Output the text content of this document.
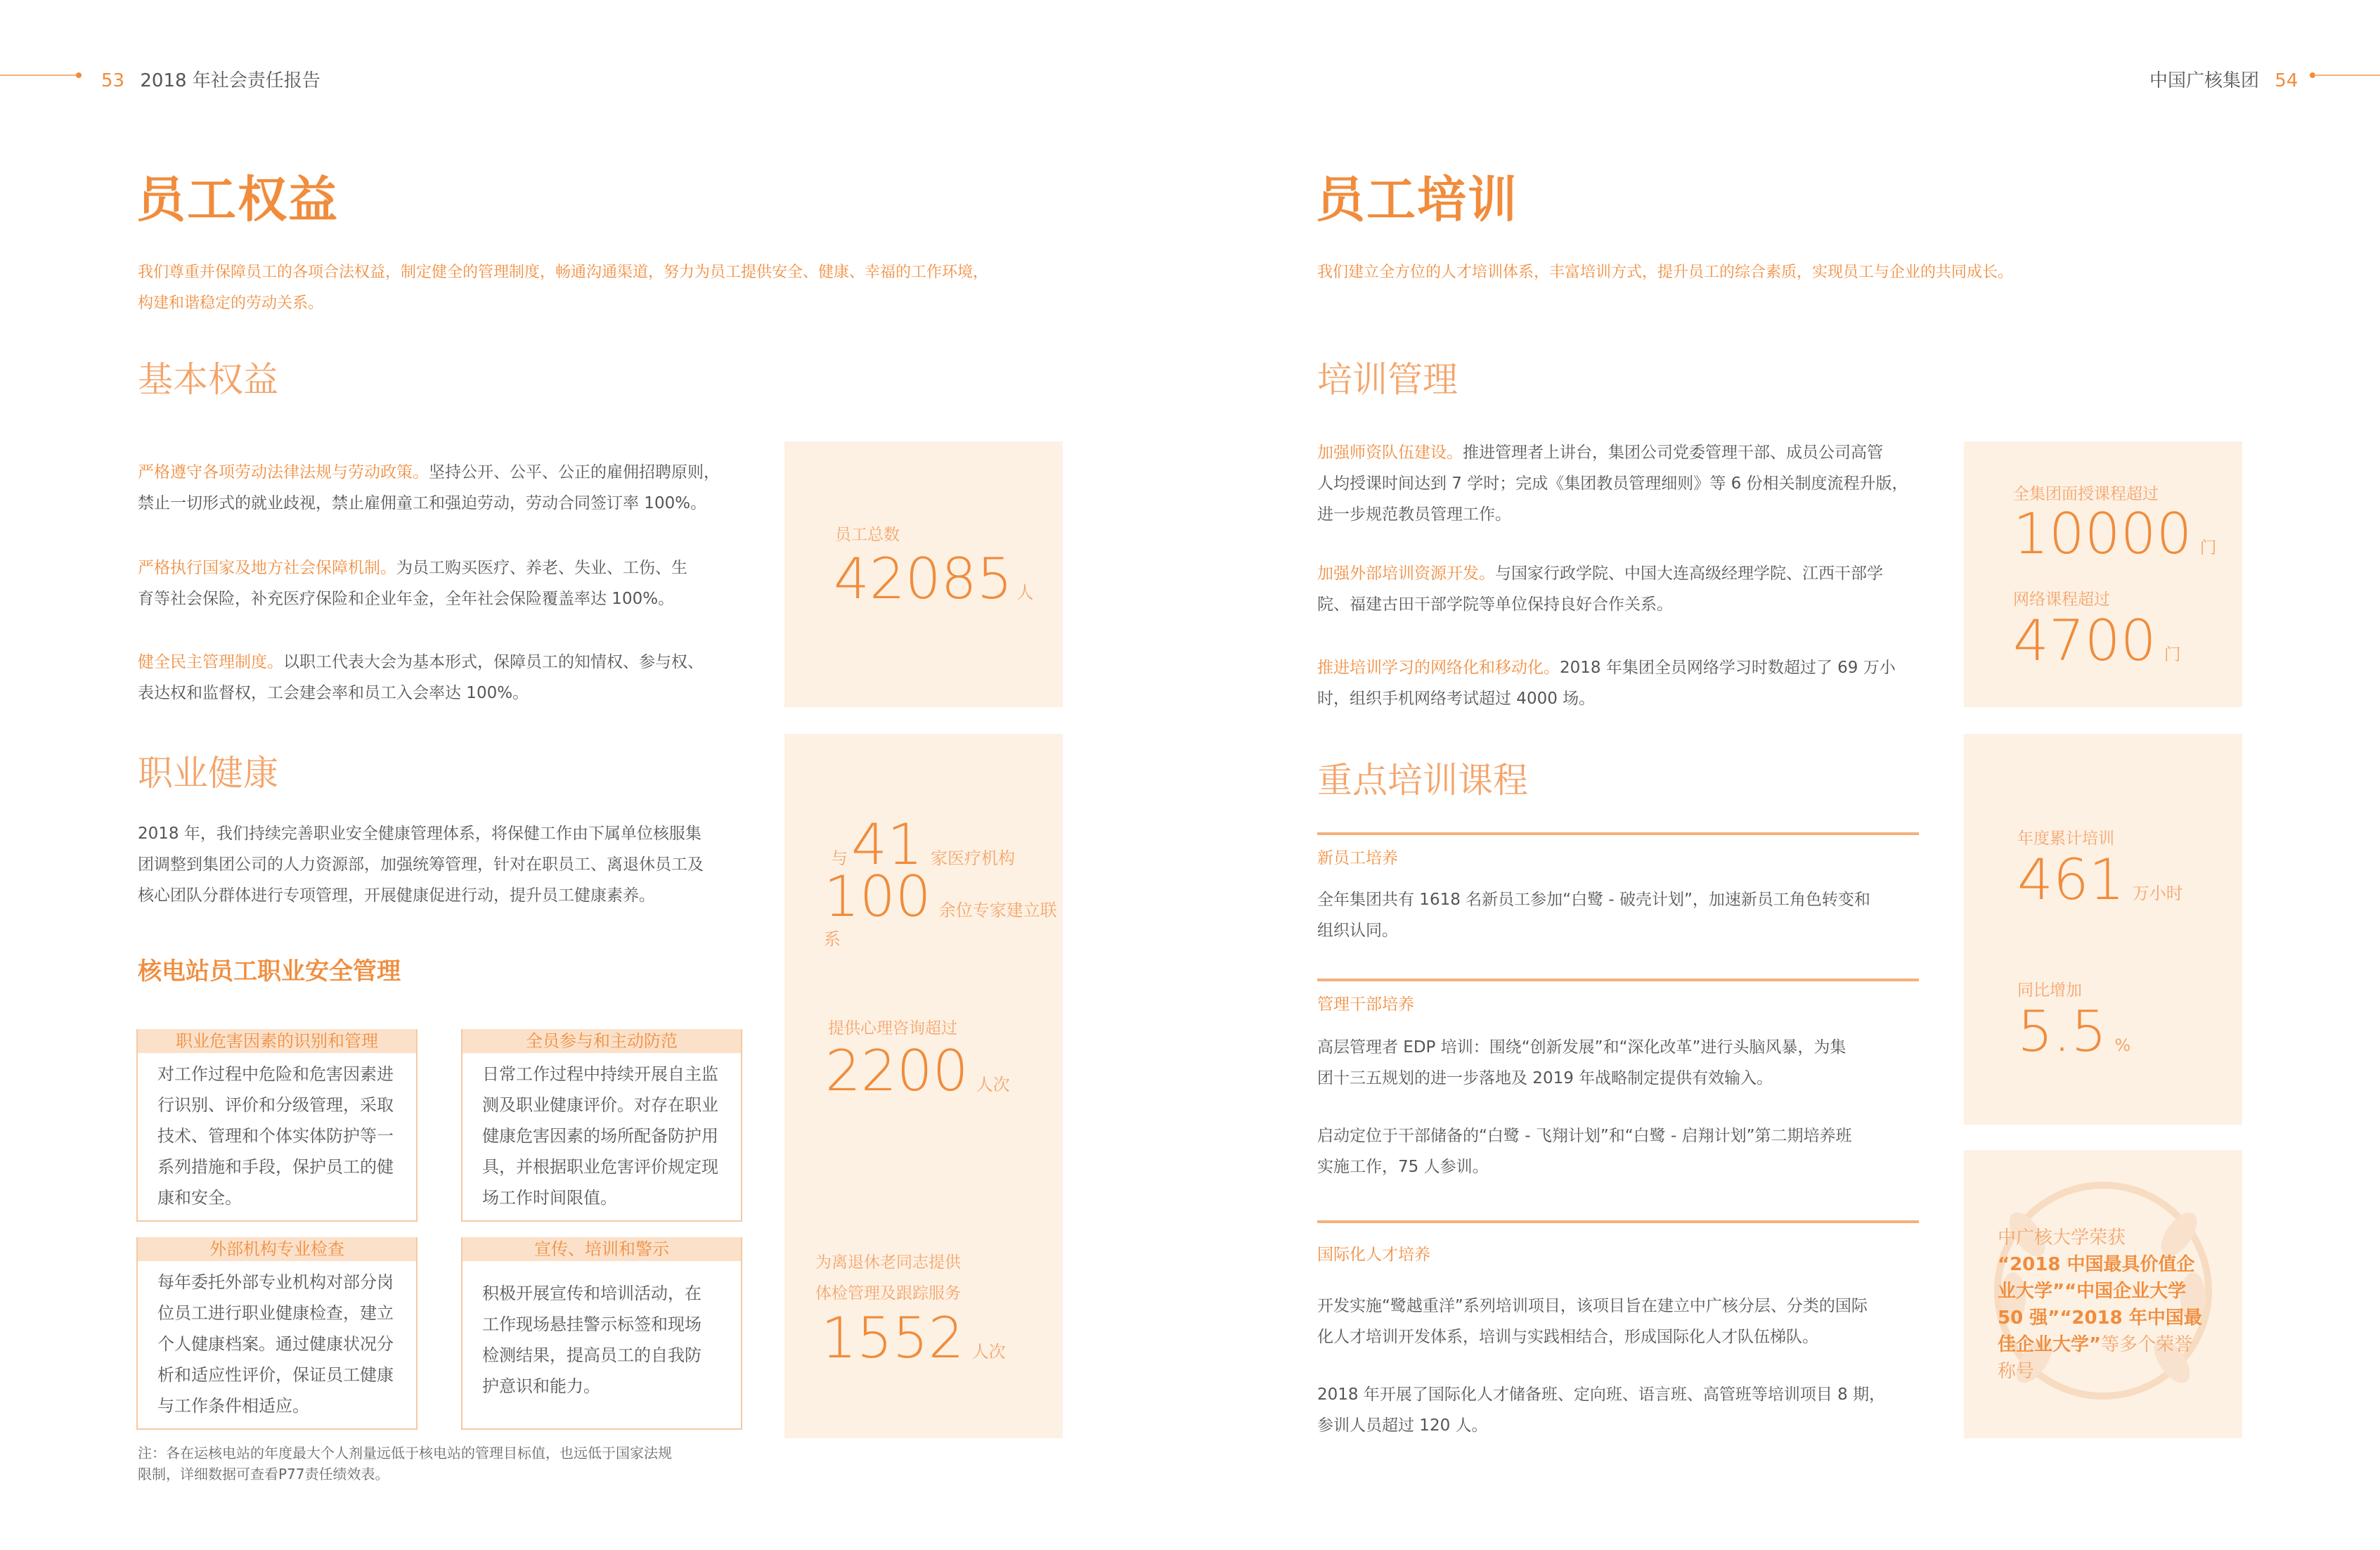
53 2018 年社会责任报告	中国广核集团 54
员工权益
我们尊重并保障员工的各项合法权益，制定健全的管理制度，畅通沟通渠道，努力为员工提供安全、健康、幸福的工作环境，
构建和谐稳定的劳动关系。
基本权益
严格遵守各项劳动法律法规与劳动政策。坚持公开、公平、公正的雇佣招聘原则，
禁止一切形式的就业歧视，禁止雇佣童工和强迫劳动，劳动合同签订率 100%。
严格执行国家及地方社会保障机制。为员工购买医疗、养老、失业、工伤、生
育等社会保险，补充医疗保险和企业年金，全年社会保险覆盖率达 100%。
健全民主管理制度。以职工代表大会为基本形式，保障员工的知情权、参与权、
表达权和监督权，工会建会率和员工入会率达 100%。
职业健康
2018 年，我们持续完善职业安全健康管理体系，将保健工作由下属单位核服集
团调整到集团公司的人力资源部，加强统筹管理，针对在职员工、离退休员工及
核心团队分群体进行专项管理，开展健康促进行动，提升员工健康素养。
核电站员工职业安全管理
职业危害因素的识别和管理
对工作过程中危险和危害因素进
行识别、评价和分级管理，采取
技术、管理和个体实体防护等一
系列措施和手段，保护员工的健
康和安全。
全员参与和主动防范
日常工作过程中持续开展自主监
测及职业健康评价。对存在职业
健康危害因素的场所配备防护用
具，并根据职业危害评价规定现
场工作时间限值。
外部机构专业检查
每年委托外部专业机构对部分岗
位员工进行职业健康检查，建立
个人健康档案。通过健康状况分
析和适应性评价，保证员工健康
与工作条件相适应。
宣传、培训和警示
积极开展宣传和培训活动，在
工作现场悬挂警示标签和现场
检测结果，提高员工的自我防
护意识和能力。
注：各在运核电站的年度最大个人剂量远低于核电站的管理目标值，也远低于国家法规
限制，详细数据可查看P77责任绩效表。
员工总数
42085 人
与 41 家医疗机构
100 余位专家建立联系
提供心理咨询超过
2200 人次
为离退休老同志提供
体检管理及跟踪服务
1552 人次
员工培训
我们建立全方位的人才培训体系，丰富培训方式，提升员工的综合素质，实现员工与企业的共同成长。
培训管理
加强师资队伍建设。推进管理者上讲台，集团公司党委管理干部、成员公司高管
人均授课时间达到 7 学时；完成《集团教员管理细则》等 6 份相关制度流程升版，
进一步规范教员管理工作。
加强外部培训资源开发。与国家行政学院、中国大连高级经理学院、江西干部学
院、福建古田干部学院等单位保持良好合作关系。
推进培训学习的网络化和移动化。2018 年集团全员网络学习时数超过了 69 万小
时，组织手机网络考试超过 4000 场。
重点培训课程
新员工培养
全年集团共有 1618 名新员工参加“白鹭 - 破壳计划”，加速新员工角色转变和
组织认同。
管理干部培养
高层管理者 EDP 培训：围绕“创新发展”和“深化改革”进行头脑风暴，为集
团十三五规划的进一步落地及 2019 年战略制定提供有效输入。
启动定位于干部储备的“白鹭 - 飞翔计划”和“白鹭 - 启翔计划”第二期培养班
实施工作，75 人参训。
国际化人才培养
开发实施“鹭越重洋”系列培训项目，该项目旨在建立中广核分层、分类的国际
化人才培训开发体系，培训与实践相结合，形成国际化人才队伍梯队。
2018 年开展了国际化人才储备班、定向班、语言班、高管班等培训项目 8 期，
参训人员超过 120 人。
全集团面授课程超过
10000 门
网络课程超过
4700 门
年度累计培训
461 万小时
同比增加
5.5 %
中广核大学荣获
“2018 中国最具价值企
业大学”“中国企业大学
50 强”“2018 年中国最
佳企业大学”等多个荣誉
称号
